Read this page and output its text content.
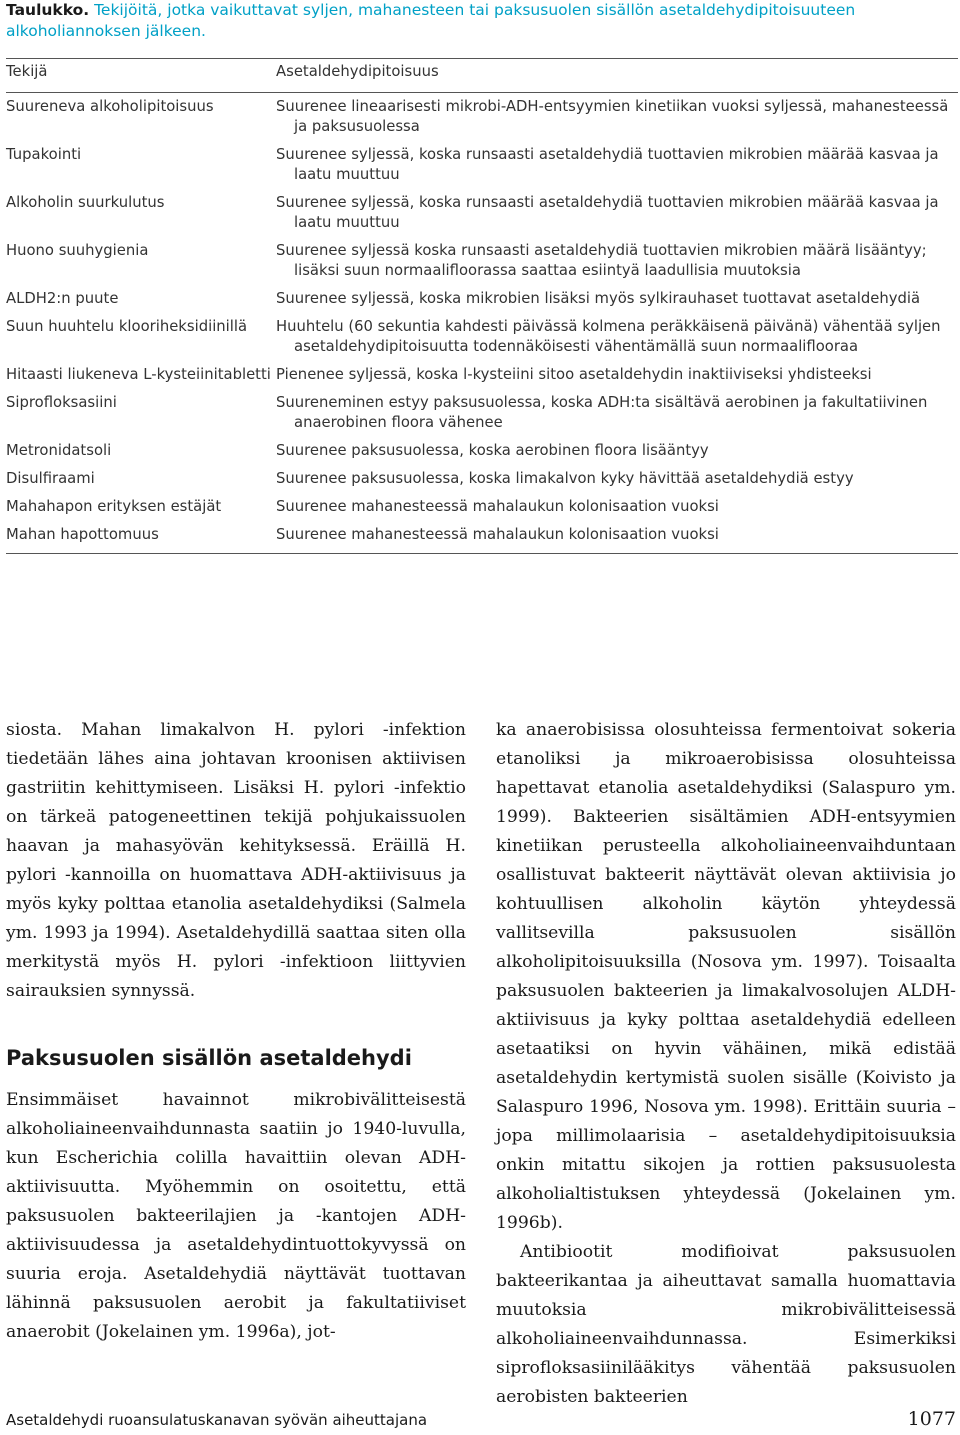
Taulukko. Tekijöitä, jotka vaikuttavat syljen, mahanesteen tai paksusuolen sisällön asetaldehydipitoisuuteen alkoholiannoksen jälkeen.
Tekijä	Asetaldehydipitoisuus
Suureneva alkoholipitoisuus	Suurenee lineaarisesti mikrobi-ADH-entsyymien kinetiikan vuoksi syljessä, mahanesteessä ja paksusuolessa

Tupakointi	Suurenee syljessä, koska runsaasti asetaldehydiä tuottavien mikrobien määrää kasvaa ja laatu muuttuu

Alkoholin suurkulutus	Suurenee syljessä, koska runsaasti asetaldehydiä tuottavien mikrobien määrää kasvaa ja laatu muuttuu

Huono suuhygienia	Suurenee syljessä koska runsaasti asetaldehydiä tuottavien mikrobien määrä lisääntyy; lisäksi suun normaalifloorassa saattaa esiintyä laadullisia muutoksia

ALDH2:n puute	Suurenee syljessä, koska mikrobien lisäksi myös sylkirauhaset tuottavat asetaldehydiä

Suun huuhtelu klooriheksidiinillä	Huuhtelu (60 sekuntia kahdesti päivässä kolmena peräkkäisenä päivänä) vähentää syljen asetaldehydipitoisuutta todennäköisesti vähentämällä suun normaaliflooraa

Hitaasti liukeneva L-kysteiinitabletti	Pienenee syljessä, koska l-kysteiini sitoo asetaldehydin inaktiiviseksi yhdisteeksi

Siprofloksasiini	Suureneminen estyy paksusuolessa, koska ADH:ta sisältävä aerobinen ja fakultatiivinen anaerobinen floora vähenee

Metronidatsoli	Suurenee paksusuolessa, koska aerobinen floora lisääntyy

Disulfiraami	Suurenee paksusuolessa, koska limakalvon kyky hävittää asetaldehydiä estyy

Mahahapon erityksen estäjät	Suurenee mahanesteessä mahalaukun kolonisaation vuoksi

Mahan hapottomuus	Suurenee mahanesteessä mahalaukun kolonisaation vuoksi

siosta. Mahan limakalvon H. pylori -infektion tiedetään lähes aina johtavan kroonisen aktiivisen gastriitin kehittymiseen. Lisäksi H. pylori -infektio on tärkeä patogeneettinen tekijä pohjukaissuolen haavan ja mahasyövän kehityksessä. Eräillä H. pylori -kannoilla on huomattava ADH-aktiivisuus ja myös kyky polttaa etanolia asetaldehydiksi (Salmela ym. 1993 ja 1994). Asetaldehydillä saattaa siten olla merkitystä myös H. pylori -infektioon liittyvien sairauksien synnyssä.

Paksusuolen sisällön asetaldehydi

Ensimmäiset havainnot mikrobivälitteisestä alkoholiaineenvaihdunnasta saatiin jo 1940-luvulla, kun Escherichia colilla havaittiin olevan ADH-aktiivisuutta. Myöhemmin on osoitettu, että paksusuolen bakteerilajien ja -kantojen ADH-aktiivisuudessa ja asetaldehydintuottokyvyssä on suuria eroja. Asetaldehydiä näyttävät tuottavan lähinnä paksusuolen aerobit ja fakultatiiviset anaerobit (Jokelainen ym. 1996a), jot-

ka anaerobisissa olosuhteissa fermentoivat sokeria etanoliksi ja mikroaerobisissa olosuhteissa hapettavat etanolia asetaldehydiksi (Salaspuro ym. 1999). Bakteerien sisältämien ADH-entsyymien kinetiikan perusteella alkoholiaineenvaihduntaan osallistuvat bakteerit näyttävät olevan aktiivisia jo kohtuullisen alkoholin käytön yhteydessä vallitsevilla paksusuolen sisällön alkoholipitoisuuksilla (Nosova ym. 1997). Toisaalta paksusuolen bakteerien ja limakalvosolujen ALDH-aktiivisuus ja kyky polttaa asetaldehydiä edelleen asetaatiksi on hyvin vähäinen, mikä edistää asetaldehydin kertymistä suolen sisälle (Koivisto ja Salaspuro 1996, Nosova ym. 1998). Erittäin suuria – jopa millimolaarisia – asetaldehydipitoisuuksia onkin mitattu sikojen ja rottien paksusuolesta alkoholialtistuksen yhteydessä (Jokelainen ym. 1996b).

Antibiootit modifioivat paksusuolen bakteerikantaa ja aiheuttavat samalla huomattavia muutoksia mikrobivälitteisessä alkoholiaineenvaihdunnassa. Esimerkiksi siprofloksasiinilääkitys vähentää paksusuolen aerobisten bakteerien

Asetaldehydi ruoansulatuskanavan syövän aiheuttajana	1077
